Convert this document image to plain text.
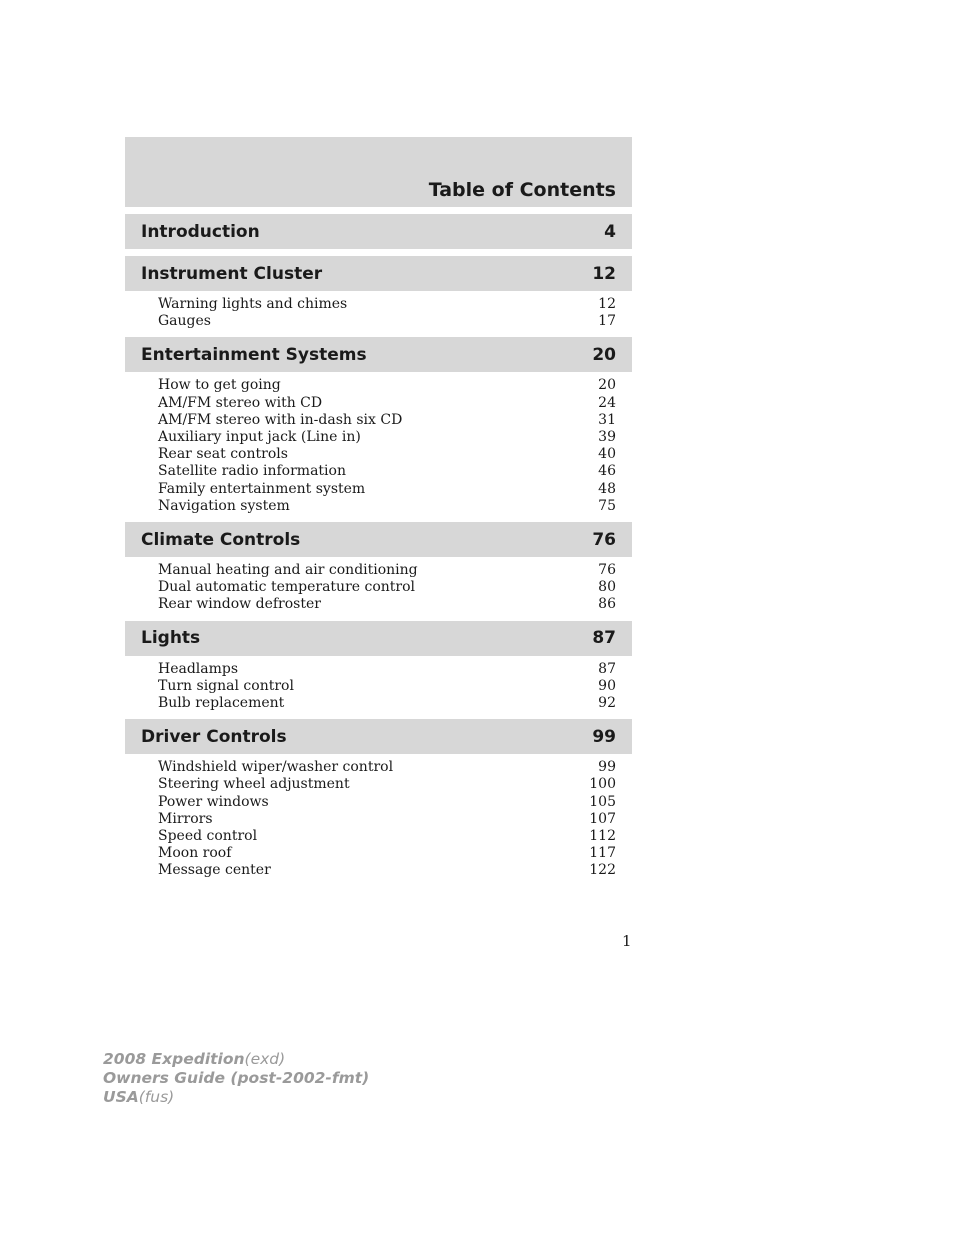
Table of Contents
Introduction	4
Instrument Cluster	12
Warning lights and chimes	12
Gauges	17
Entertainment Systems	20
How to get going	20
AM/FM stereo with CD	24
AM/FM stereo with in-dash six CD	31
Auxiliary input jack (Line in)	39
Rear seat controls	40
Satellite radio information	46
Family entertainment system	48
Navigation system	75
Climate Controls	76
Manual heating and air conditioning	76
Dual automatic temperature control	80
Rear window defroster	86
Lights	87
Headlamps	87
Turn signal control	90
Bulb replacement	92
Driver Controls	99
Windshield wiper/washer control	99
Steering wheel adjustment	100
Power windows	105
Mirrors	107
Speed control	112
Moon roof	117
Message center	122
1
2008 Expedition(exd)
Owners Guide (post-2002-fmt)
USA(fus)
